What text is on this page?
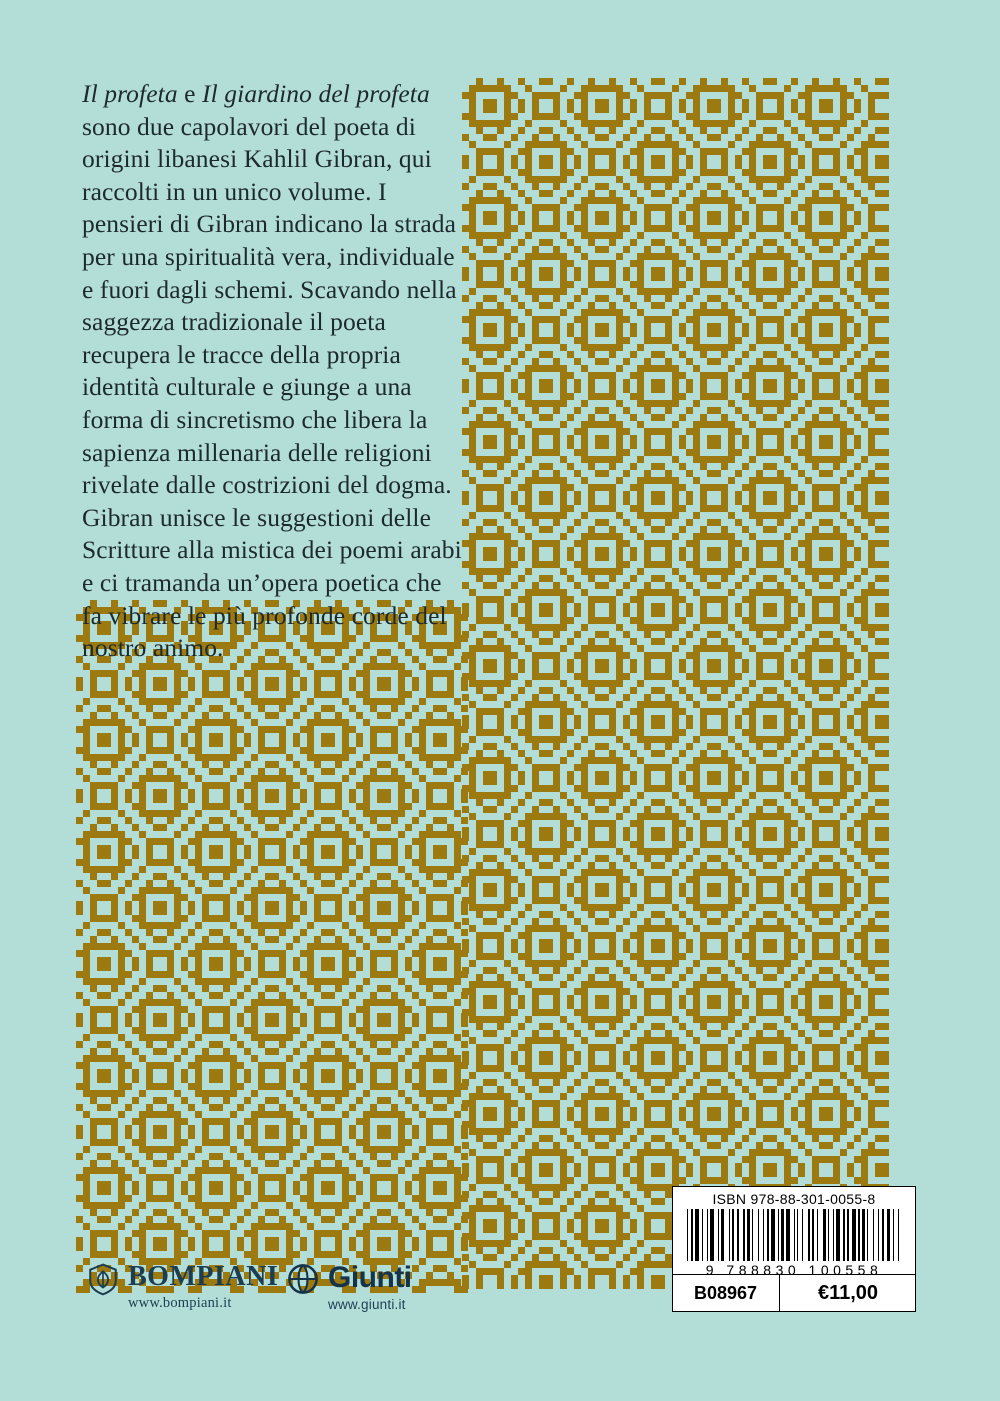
Il profeta e Il giardino del profeta sono due capolavori del poeta di origini libanesi Kahlil Gibran, qui raccolti in un unico volume. I pensieri di Gibran indicano la strada per una spiritualità vera, individuale e fuori dagli schemi. Scavando nella saggezza tradizionale il poeta recupera le tracce della propria identità culturale e giunge a una forma di sincretismo che libera la sapienza millenaria delle religioni rivelate dalle costrizioni del dogma. Gibran unisce le suggestioni delle Scritture alla mistica dei poemi arabi e ci tramanda un’opera poetica che fa vibrare le più profonde corde del nostro animo.
BOMPIANI
www.bompiani.it
Giunti
www.giunti.it
ISBN 978-88-301-0055-8
9 788830 100558
B08967	€11,00
